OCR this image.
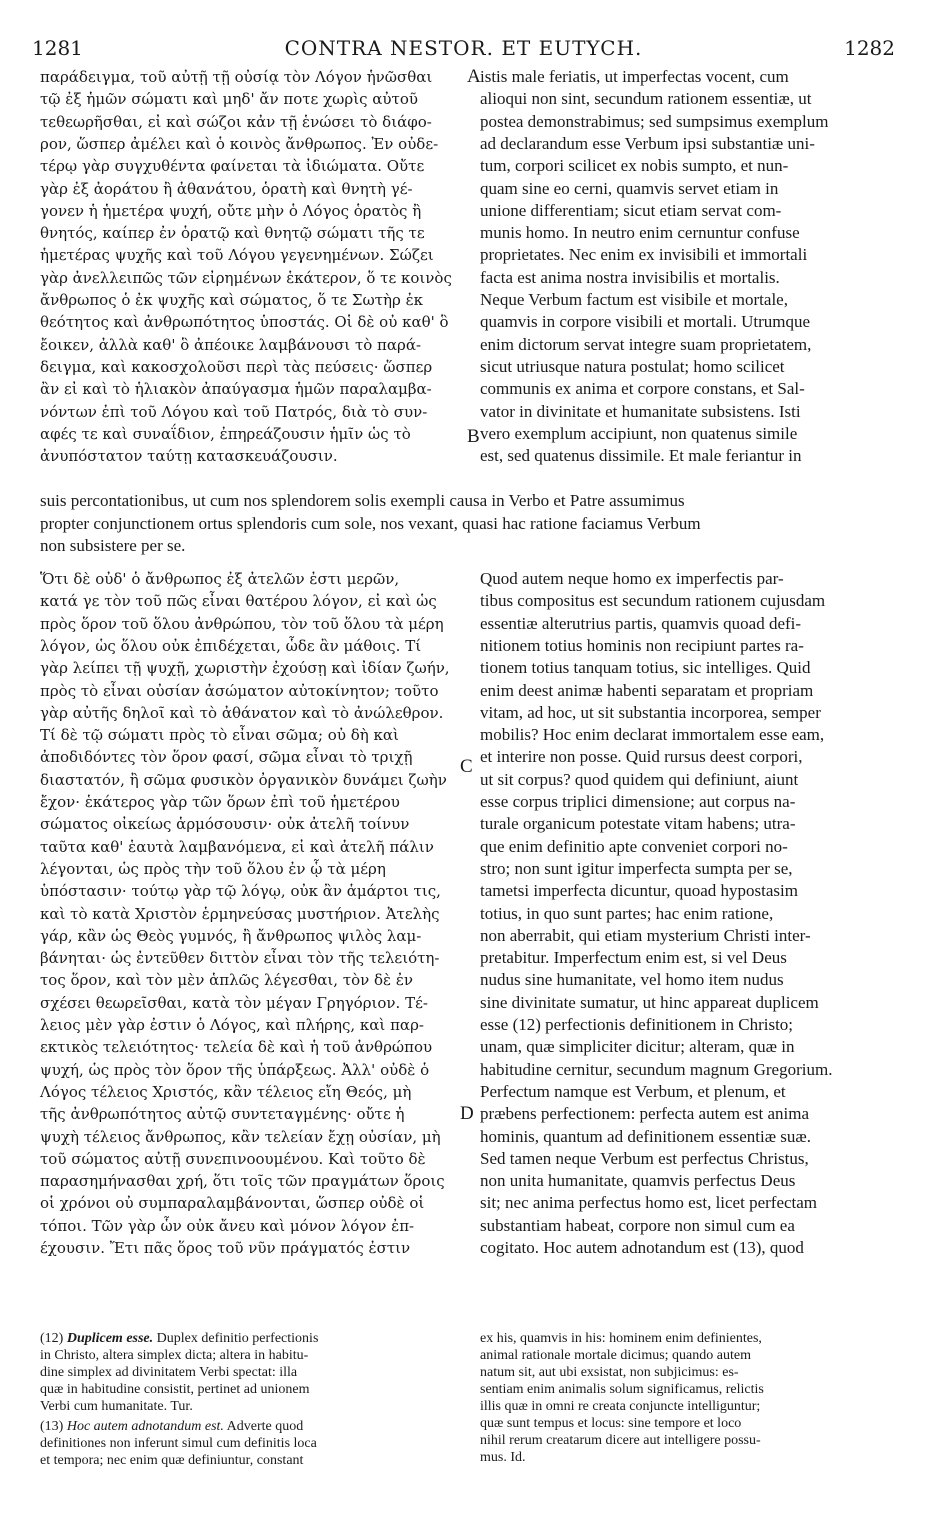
1281	CONTRA NESTOR. ET EUTYCH.	1282
A
B
C
D
παράδειγμα, τοῦ αὐτῇ τῇ οὐσίᾳ τὸν Λόγον ἡνῶσθαι
τῷ ἐξ ἡμῶν σώματι καὶ μηδ' ἄν ποτε χωρὶς αὐτοῦ
τεθεωρῆσθαι, εἰ καὶ σώζοι κἀν τῇ ἑνώσει τὸ διάφο-
ρον, ὥσπερ ἀμέλει καὶ ὁ κοινὸς ἄνθρωπος. Ἐν οὐδε-
τέρῳ γὰρ συγχυθέντα φαίνεται τὰ ἰδιώματα. Οὔτε
γὰρ ἐξ ἀοράτου ἢ ἀθανάτου, ὁρατὴ καὶ θνητὴ γέ-
γονεν ἡ ἡμετέρα ψυχή, οὔτε μὴν ὁ Λόγος ὁρατὸς ἢ
θνητός, καίπερ ἐν ὁρατῷ καὶ θνητῷ σώματι τῆς τε
ἡμετέρας ψυχῆς καὶ τοῦ Λόγου γεγενημένων. Σώζει
γὰρ ἀνελλειπῶς τῶν εἰρημένων ἑκάτερον, ὅ τε κοινὸς
ἄνθρωπος ὁ ἐκ ψυχῆς καὶ σώματος, ὅ τε Σωτὴρ ἐκ
θεότητος καὶ ἀνθρωπότητος ὑποστάς. Οἱ δὲ οὐ καθ' ὃ
ἔοικεν, ἀλλὰ καθ' ὃ ἀπέοικε λαμβάνουσι τὸ παρά-
δειγμα, καὶ κακοσχολοῦσι περὶ τὰς πεύσεις· ὥσπερ
ἂν εἰ καὶ τὸ ἡλιακὸν ἀπαύγασμα ἡμῶν παραλαμβα-
νόντων ἐπὶ τοῦ Λόγου καὶ τοῦ Πατρός, διὰ τὸ συν-
αφές τε καὶ συναΐδιον, ἐπηρεάζουσιν ἡμῖν ὡς τὸ
ἀνυπόστατον ταύτῃ κατασκευάζουσιν.
istis male feriatis, ut imperfectas vocent, cum
alioqui non sint, secundum rationem essentiæ, ut
postea demonstrabimus; sed sumpsimus exemplum
ad declarandum esse Verbum ipsi substantiæ uni-
tum, corpori scilicet ex nobis sumpto, et nun-
quam sine eo cerni, quamvis servet etiam in
unione differentiam; sicut etiam servat com-
munis homo. In neutro enim cernuntur confuse
proprietates. Nec enim ex invisibili et immortali
facta est anima nostra invisibilis et mortalis.
Neque Verbum factum est visibile et mortale,
quamvis in corpore visibili et mortali. Utrumque
enim dictorum servat integre suam proprietatem,
sicut utriusque natura postulat; homo scilicet
communis ex anima et corpore constans, et Sal-
vator in divinitate et humanitate subsistens. Isti
vero exemplum accipiunt, non quatenus simile
est, sed quatenus dissimile. Et male feriantur in
suis percontationibus, ut cum nos splendorem solis exempli causa in Verbo et Patre assumimus
propter conjunctionem ortus splendoris cum sole, nos vexant, quasi hac ratione faciamus Verbum
non subsistere per se.
Ὅτι δὲ οὐδ' ὁ ἄνθρωπος ἐξ ἀτελῶν ἐστι μερῶν,
κατά γε τὸν τοῦ πῶς εἶναι θατέρου λόγον, εἰ καὶ ὡς
πρὸς ὅρον τοῦ ὅλου ἀνθρώπου, τὸν τοῦ ὅλου τὰ μέρη
λόγον, ὡς ὅλου οὐκ ἐπιδέχεται, ὧδε ἂν μάθοις. Τί
γὰρ λείπει τῇ ψυχῇ, χωριστὴν ἐχούσῃ καὶ ἰδίαν ζωήν,
πρὸς τὸ εἶναι οὐσίαν ἀσώματον αὐτοκίνητον; τοῦτο
γὰρ αὐτῆς δηλοῖ καὶ τὸ ἀθάνατον καὶ τὸ ἀνώλεθρον.
Τί δὲ τῷ σώματι πρὸς τὸ εἶναι σῶμα; οὐ δὴ καὶ
ἀποδιδόντες τὸν ὅρον φασί, σῶμα εἶναι τὸ τριχῇ
διαστατόν, ἢ σῶμα φυσικὸν ὀργανικὸν δυνάμει ζωὴν
ἔχον· ἑκάτερος γὰρ τῶν ὅρων ἐπὶ τοῦ ἡμετέρου
σώματος οἰκείως ἁρμόσουσιν· οὐκ ἀτελῆ τοίνυν
ταῦτα καθ' ἑαυτὰ λαμβανόμενα, εἰ καὶ ἀτελῆ πάλιν
λέγονται, ὡς πρὸς τὴν τοῦ ὅλου ἐν ᾧ τὰ μέρη
ὑπόστασιν· τούτῳ γὰρ τῷ λόγῳ, οὐκ ἂν ἁμάρτοι τις,
καὶ τὸ κατὰ Χριστὸν ἑρμηνεύσας μυστήριον. Ἀτελὴς
γάρ, κἂν ὡς Θεὸς γυμνός, ἢ ἄνθρωπος ψιλὸς λαμ-
βάνηται· ὡς ἐντεῦθεν διττὸν εἶναι τὸν τῆς τελειότη-
τος ὅρον, καὶ τὸν μὲν ἁπλῶς λέγεσθαι, τὸν δὲ ἐν
σχέσει θεωρεῖσθαι, κατὰ τὸν μέγαν Γρηγόριον. Τέ-
λειος μὲν γὰρ ἐστιν ὁ Λόγος, καὶ πλήρης, καὶ παρ-
εκτικὸς τελειότητος· τελεία δὲ καὶ ἡ τοῦ ἀνθρώπου
ψυχή, ὡς πρὸς τὸν ὅρον τῆς ὑπάρξεως. Ἀλλ' οὐδὲ ὁ
Λόγος τέλειος Χριστός, κἂν τέλειος εἴη Θεός, μὴ
τῆς ἀνθρωπότητος αὐτῷ συντεταγμένης· οὔτε ἡ
ψυχὴ τέλειος ἄνθρωπος, κἂν τελείαν ἔχῃ οὐσίαν, μὴ
τοῦ σώματος αὐτῇ συνεπινοουμένου. Καὶ τοῦτο δὲ
παρασημήνασθαι χρή, ὅτι τοῖς τῶν πραγμάτων ὅροις
οἱ χρόνοι οὐ συμπαραλαμβάνονται, ὥσπερ οὐδὲ οἱ
τόποι. Τῶν γὰρ ὧν οὐκ ἄνευ καὶ μόνον λόγον ἐπ-
έχουσιν. Ἔτι πᾶς ὅρος τοῦ νῦν πράγματός ἐστιν
Quod autem neque homo ex imperfectis par-
tibus compositus est secundum rationem cujusdam
essentiæ alterutrius partis, quamvis quoad defi-
nitionem totius hominis non recipiunt partes ra-
tionem totius tanquam totius, sic intelliges. Quid
enim deest animæ habenti separatam et propriam
vitam, ad hoc, ut sit substantia incorporea, semper
mobilis? Hoc enim declarat immortalem esse eam,
et interire non posse. Quid rursus deest corpori,
ut sit corpus? quod quidem qui definiunt, aiunt
esse corpus triplici dimensione; aut corpus na-
turale organicum potestate vitam habens; utra-
que enim definitio apte conveniet corpori no-
stro; non sunt igitur imperfecta sumpta per se,
tametsi imperfecta dicuntur, quoad hypostasim
totius, in quo sunt partes; hac enim ratione,
non aberrabit, qui etiam mysterium Christi inter-
pretabitur. Imperfectum enim est, si vel Deus
nudus sine humanitate, vel homo item nudus
sine divinitate sumatur, ut hinc appareat duplicem
esse (12) perfectionis definitionem in Christo;
unam, quæ simpliciter dicitur; alteram, quæ in
habitudine cernitur, secundum magnum Gregorium.
Perfectum namque est Verbum, et plenum, et
præbens perfectionem: perfecta autem est anima
hominis, quantum ad definitionem essentiæ suæ.
Sed tamen neque Verbum est perfectus Christus,
non unita humanitate, quamvis perfectus Deus
sit; nec anima perfectus homo est, licet perfectam
substantiam habeat, corpore non simul cum ea
cogitato. Hoc autem adnotandum est (13), quod
(12) Duplicem esse. Duplex definitio perfectionis
in Christo, altera simplex dicta; altera in habitu-
dine simplex ad divinitatem Verbi spectat: illa
quæ in habitudine consistit, pertinet ad unionem
Verbi cum humanitate. Tur.
(13) Hoc autem adnotandum est. Adverte quod
definitiones non inferunt simul cum definitis loca
et tempora; nec enim quæ definiuntur, constant
ex his, quamvis in his: hominem enim definientes,
animal rationale mortale dicimus; quando autem
natum sit, aut ubi exsistat, non subjicimus: es-
sentiam enim animalis solum significamus, relictis
illis quæ in omni re creata conjuncte intelliguntur;
quæ sunt tempus et locus: sine tempore et loco
nihil rerum creatarum dicere aut intelligere possu-
mus. Id.
